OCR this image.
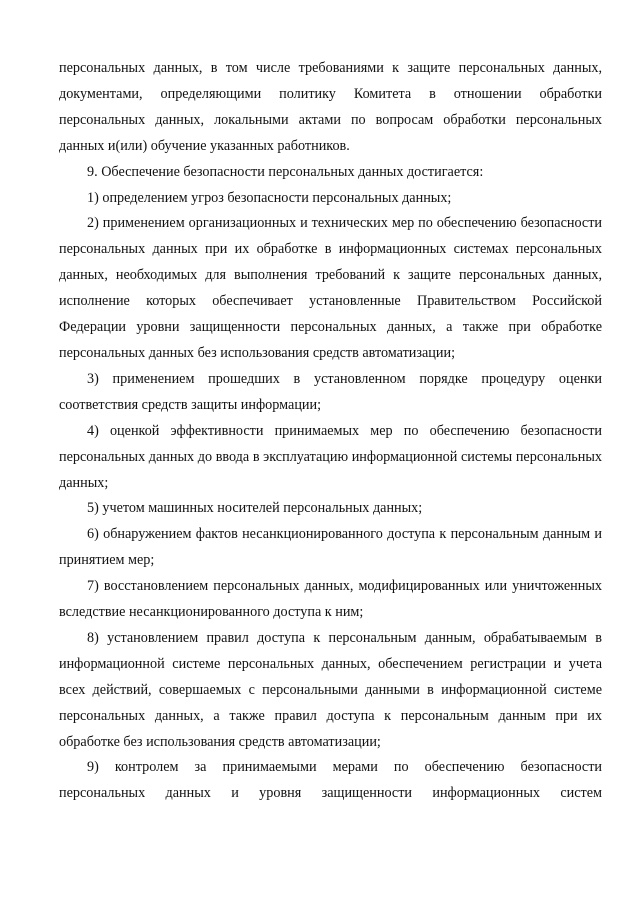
персональных данных, в том числе требованиями к защите персональных данных, документами, определяющими политику Комитета в отношении обработки персональных данных, локальными актами по вопросам обработки персональных данных и(или) обучение указанных работников.

9. Обеспечение безопасности персональных данных достигается:

1) определением угроз безопасности персональных данных;

2) применением организационных и технических мер по обеспечению безопасности персональных данных при их обработке в информационных системах персональных данных, необходимых для выполнения требований к защите персональных данных, исполнение которых обеспечивает установленные Правительством Российской Федерации уровни защищенности персональных данных, а также при обработке персональных данных без использования средств автоматизации;

3) применением прошедших в установленном порядке процедуру оценки соответствия средств защиты информации;

4) оценкой эффективности принимаемых мер по обеспечению безопасности персональных данных до ввода в эксплуатацию информационной системы персональных данных;

5) учетом машинных носителей персональных данных;

6) обнаружением фактов несанкционированного доступа к персональным данным и принятием мер;

7) восстановлением персональных данных, модифицированных или уничтоженных вследствие несанкционированного доступа к ним;

8) установлением правил доступа к персональным данным, обрабатываемым в информационной системе персональных данных, обеспечением регистрации и учета всех действий, совершаемых с персональными данными в информационной системе персональных данных, а также правил доступа к персональным данным при их обработке без использования средств автоматизации;

9) контролем за принимаемыми мерами по обеспечению безопасности персональных данных и уровня защищенности информационных систем
